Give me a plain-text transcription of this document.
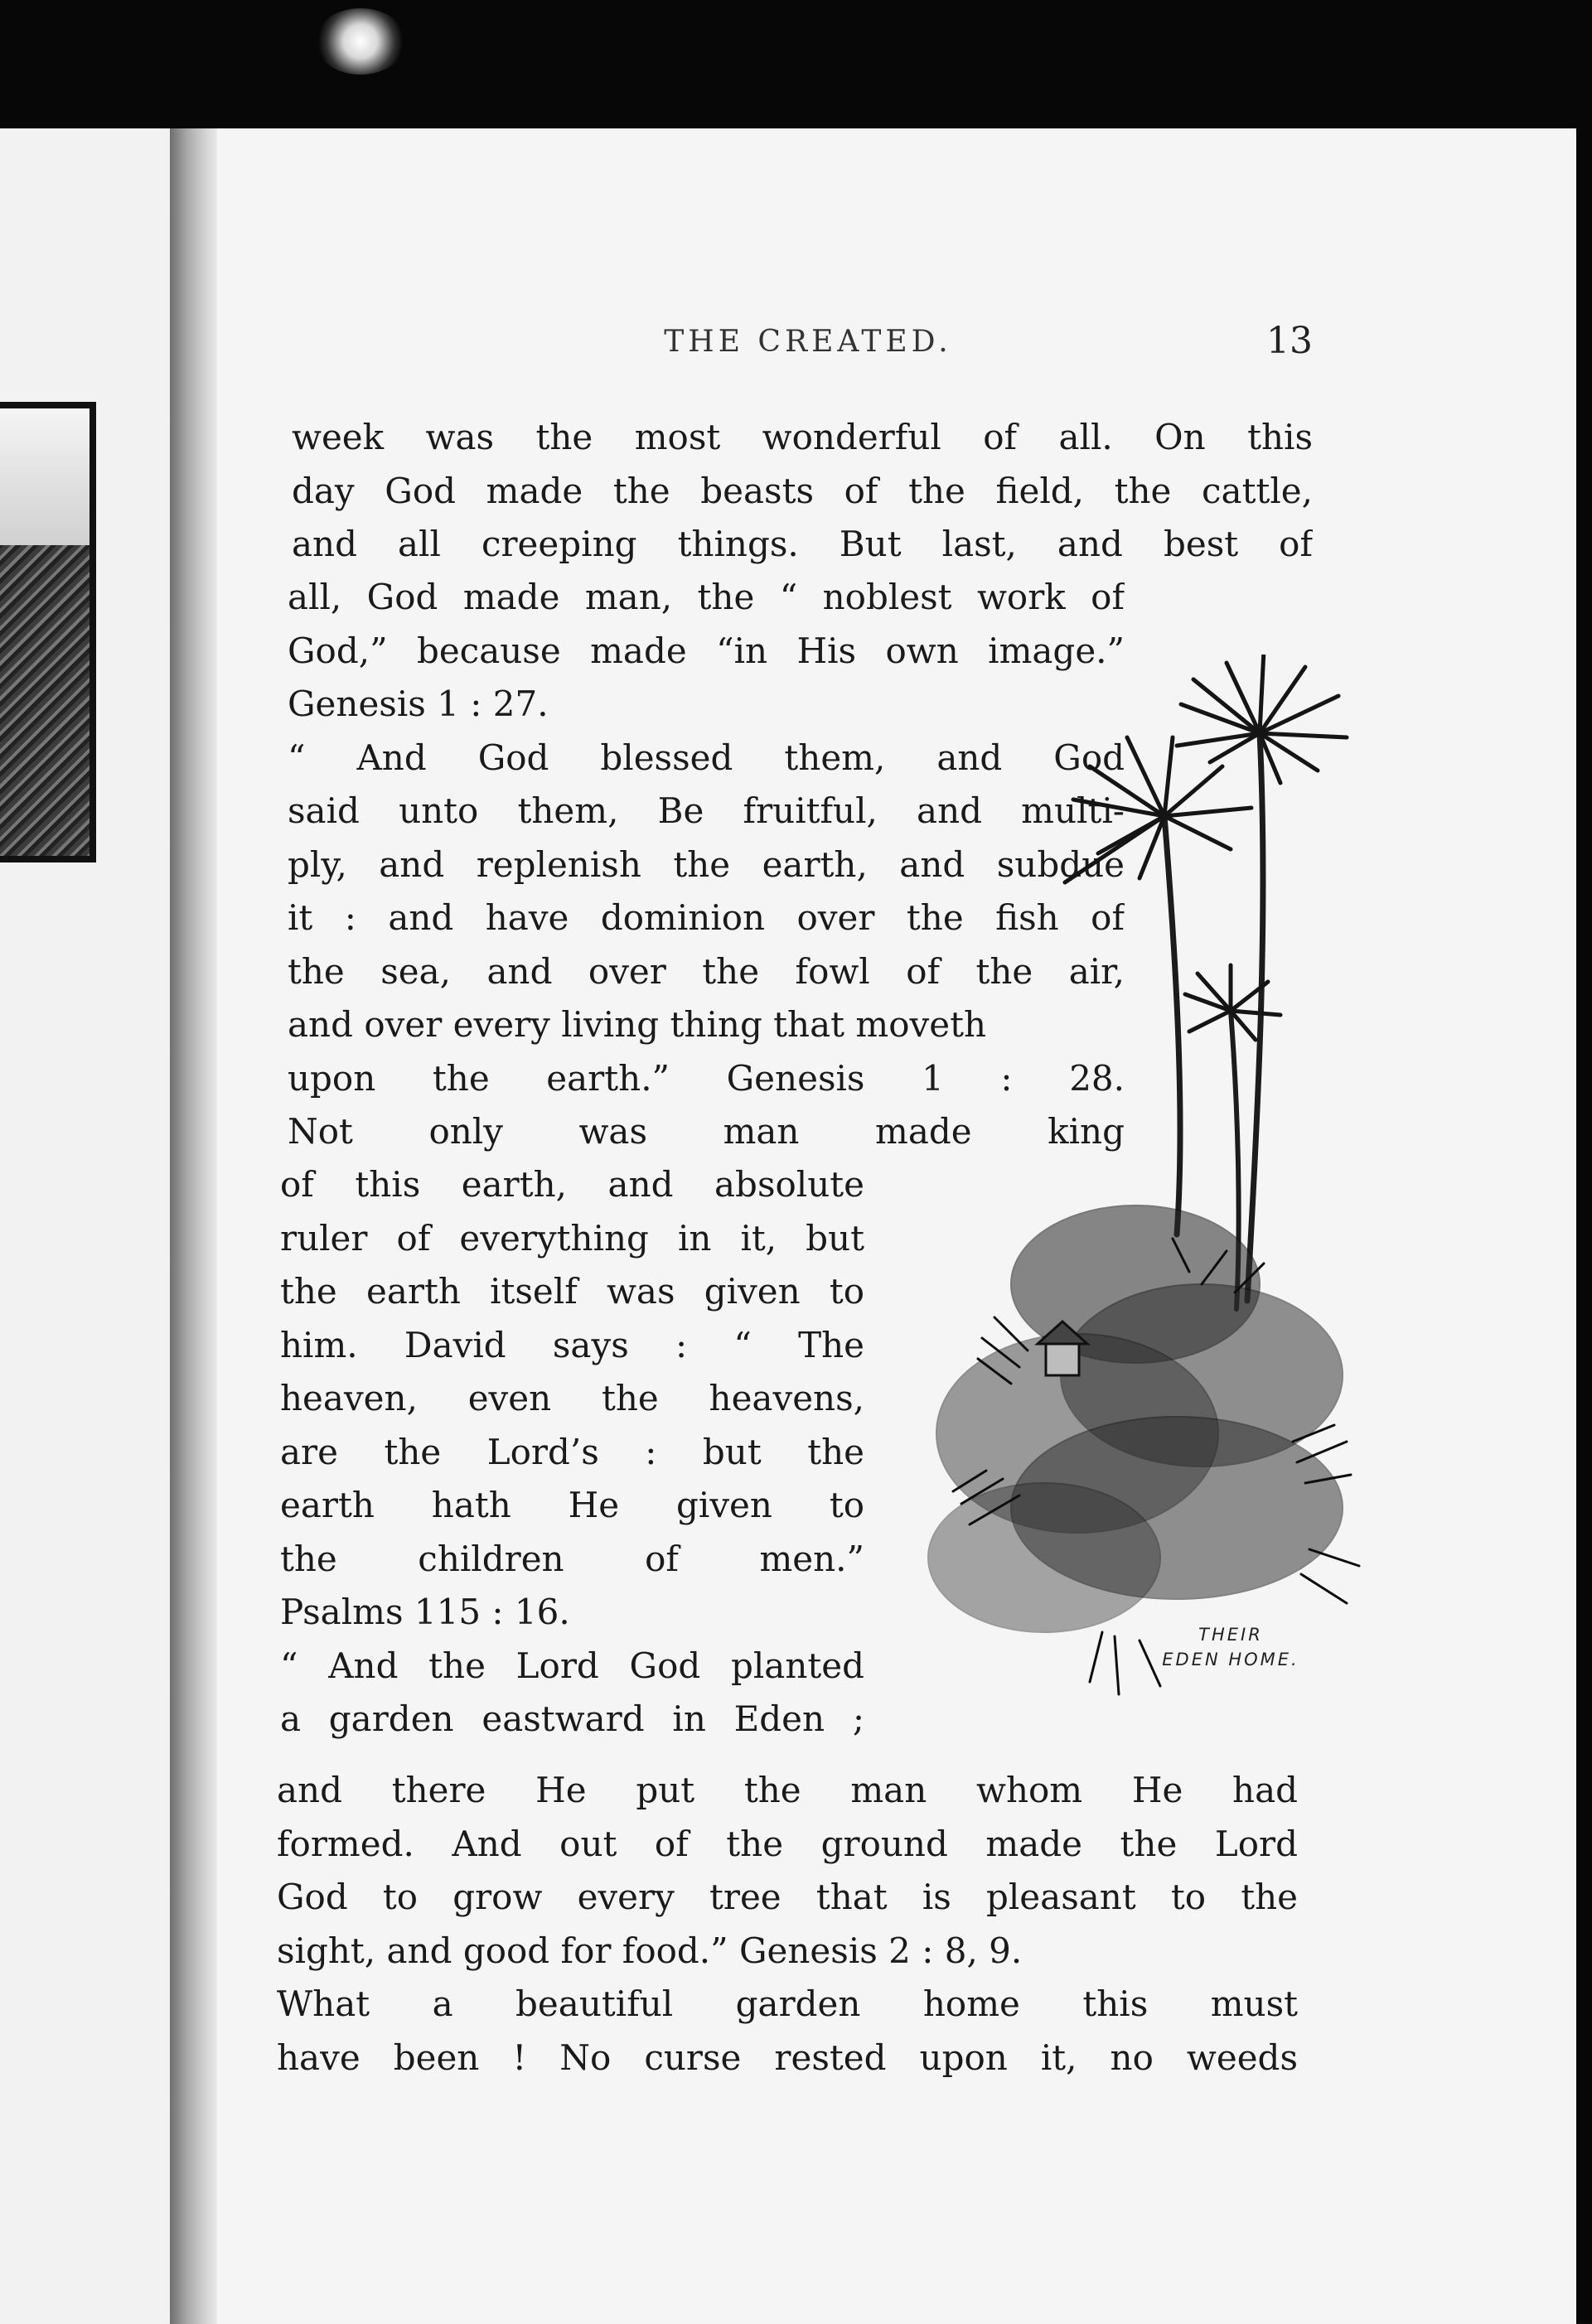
THE CREATED.	13
week was the most wonderful of all. On this
day God made the beasts of the field, the cattle,
and all creeping things. But last, and best of
all, God made man, the “ noblest work of
God,” because made “in His own image.”
Genesis 1 : 27.
“ And God blessed them, and God
said unto them, Be fruitful, and multi-
ply, and replenish the earth, and subdue
it : and have dominion over the fish of
the sea, and over the fowl of the air,
and over every living thing that moveth
upon the earth.” Genesis 1 : 28.
Not only was man made king
of this earth, and absolute
ruler of everything in it, but
the earth itself was given to
him. David says : “ The
heaven, even the heavens,
are the Lord’s : but the
earth hath He given to
the children of men.”
Psalms 115 : 16.
“ And the Lord God planted
a garden eastward in Eden ;
and there He put the man whom He had
formed. And out of the ground made the Lord
God to grow every tree that is pleasant to the
sight, and good for food.” Genesis 2 : 8, 9.
What a beautiful garden home this must
have been ! No curse rested upon it, no weeds
THEIR
EDEN HOME.
